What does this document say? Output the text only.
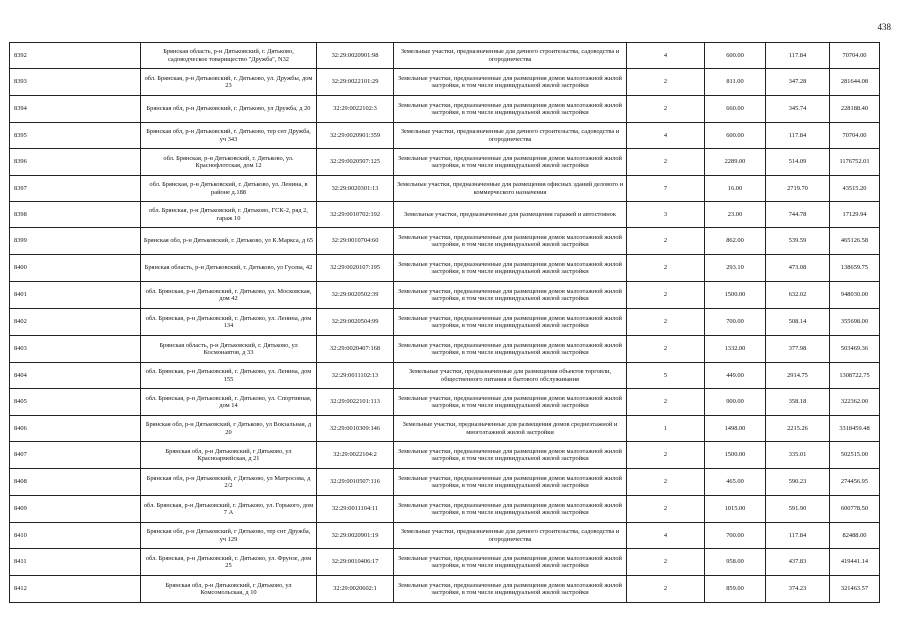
438
8392	Брянская область, р-н Дятьковский, г. Дятьково, садоводческое товарищество "Дружба", N32	32:29:0020901:98	Земельные участки, предназначенные для дачного строительства, садоводства и огородничества	4	600.00	117.84	70704.00
8393	обл. Брянская, р-н Дятьковский, г. Дятьково, ул. Дружбы, дом 23	32:29:0022101:29	Земельные участки, предназначенные для размещения домов малоэтажной жилой застройки, в том числе индивидуальной жилой застройки	2	811.00	347.28	281644.08
8394	Брянская обл, р-н Дятьковский, г. Дятьково, ул Дружба, д 20	32:29:0022102:3	Земельные участки, предназначенные для размещения домов малоэтажной жилой застройки, в том числе индивидуальной жилой застройки	2	660.00	345.74	228188.40
8395	Брянская обл, р-н Дятьковский, г. Дятьково, тер снт Дружба, уч 343	32:29:0020901:359	Земельные участки, предназначенные для дачного строительства, садоводства и огородничества	4	600.00	117.84	70704.00
8396	обл. Брянская, р-н Дятьковский, г. Дятьково, ул. Краснофлотская, дом 12	32:29:0020507:125	Земельные участки, предназначенные для размещения домов малоэтажной жилой застройки, в том числе индивидуальной жилой застройки	2	2289.00	514.09	1176752.01
8397	обл. Брянская, р-н Дятьковский, г. Дятьково, ул. Ленина, в районе д.188	32:29:0020301:13	Земельные участки, предназначенные для размещения офисных зданий делового и коммерческого назначения	7	16.00	2719.70	43515.20
8398	обл. Брянская, р-н Дятьковский, г. Дятьково, ГСК-2, ряд 2, гараж 10	32:29:0010702:192	Земельные участки, предназначенные для размещения гаражей и автостоянок	3	23.00	744.78	17129.94
8399	Брянская обл, р-н Дятьковский, г. Дятьково, ул К.Маркса, д 65	32:29:0010704:60	Земельные участки, предназначенные для размещения домов малоэтажной жилой застройки, в том числе индивидуальной жилой застройки	2	862.00	539.59	465126.58
8400	Брянская область, р-н Дятьковский, г. Дятьково, ул Гусева, 42	32:29:0020107:195	Земельные участки, предназначенные для размещения домов малоэтажной жилой застройки, в том числе индивидуальной жилой застройки	2	293.10	473.08	138659.75
8401	обл. Брянская, р-н Дятьковский, г. Дятьково, ул. Московская, дом 42	32:29:0020502:39	Земельные участки, предназначенные для размещения домов малоэтажной жилой застройки, в том числе индивидуальной жилой застройки	2	1500.00	632.02	948030.00
8402	обл. Брянская, р-н Дятьковский, г. Дятьково, ул. Ленина, дом 134	32:29:0020504:99	Земельные участки, предназначенные для размещения домов малоэтажной жилой застройки, в том числе индивидуальной жилой застройки	2	700.00	508.14	355698.00
8403	Брянская область, р-н Дятьковский, г. Дятьково, ул Космонавтов, д 33	32:29:0020407:168	Земельные участки, предназначенные для размещения домов малоэтажной жилой застройки, в том числе индивидуальной жилой застройки	2	1332.00	377.98	503469.36
8404	обл. Брянская, р-н Дятьковский, г. Дятьково, ул. Ленина, дом 155	32:29:0011102:13	Земельные участки, предназначенные для размещения объектов торговли, общественного питания и бытового обслуживания	5	449.00	2914.75	1308722.75
8405	обл. Брянская, р-н Дятьковский, г. Дятьково, ул. Спортивная, дом 14	32:29:0022101:113	Земельные участки, предназначенные для размещения домов малоэтажной жилой застройки, в том числе индивидуальной жилой застройки	2	900.00	358.18	322362.00
8406	Брянская обл, р-н Дятьковский, г Дятьково, ул Вокзальная, д 20	32:29:0010309:146	Земельные участки, предназначенные для размещения домов среднеэтажной и многоэтажной жилой застройки	1	1498.00	2215.26	3318459.48
8407	Брянская обл, р-н Дятьковский, г Дятьково, ул Красноармейская, д 21	32:29:0022104:2	Земельные участки, предназначенные для размещения домов малоэтажной жилой застройки, в том числе индивидуальной жилой застройки	2	1500.00	335.01	502515.00
8408	Брянская обл, р-н Дятьковский, г Дятьково, ул Матросова, д 2/2	32:29:0010507:116	Земельные участки, предназначенные для размещения домов малоэтажной жилой застройки, в том числе индивидуальной жилой застройки	2	465.00	590.23	274456.95
8409	обл. Брянская, р-н Дятьковский, г. Дятьково, ул. Горького, дом 7 А	32:29:0011104:11	Земельные участки, предназначенные для размещения домов малоэтажной жилой застройки, в том числе индивидуальной жилой застройки	2	1015.00	591.90	600778.50
8410	Брянская обл, р-н Дятьковский, г Дятьково, тер снт Дружба, уч 129	32:29:0020901:19	Земельные участки, предназначенные для дачного строительства, садоводства и огородничества	4	700.00	117.84	82488.00
8411	обл. Брянская, р-н Дятьковский, г. Дятьково, ул. Фрунзе, дом 25	32:29:0010406:17	Земельные участки, предназначенные для размещения домов малоэтажной жилой застройки, в том числе индивидуальной жилой застройки	2	958.00	437.83	419441.14
8412	Брянская обл, р-н Дятьковский, г Дятьково, ул Комсомольская, д 10	32:29:0020602:1	Земельные участки, предназначенные для размещения домов малоэтажной жилой застройки, в том числе индивидуальной жилой застройки	2	859.00	374.23	321463.57
